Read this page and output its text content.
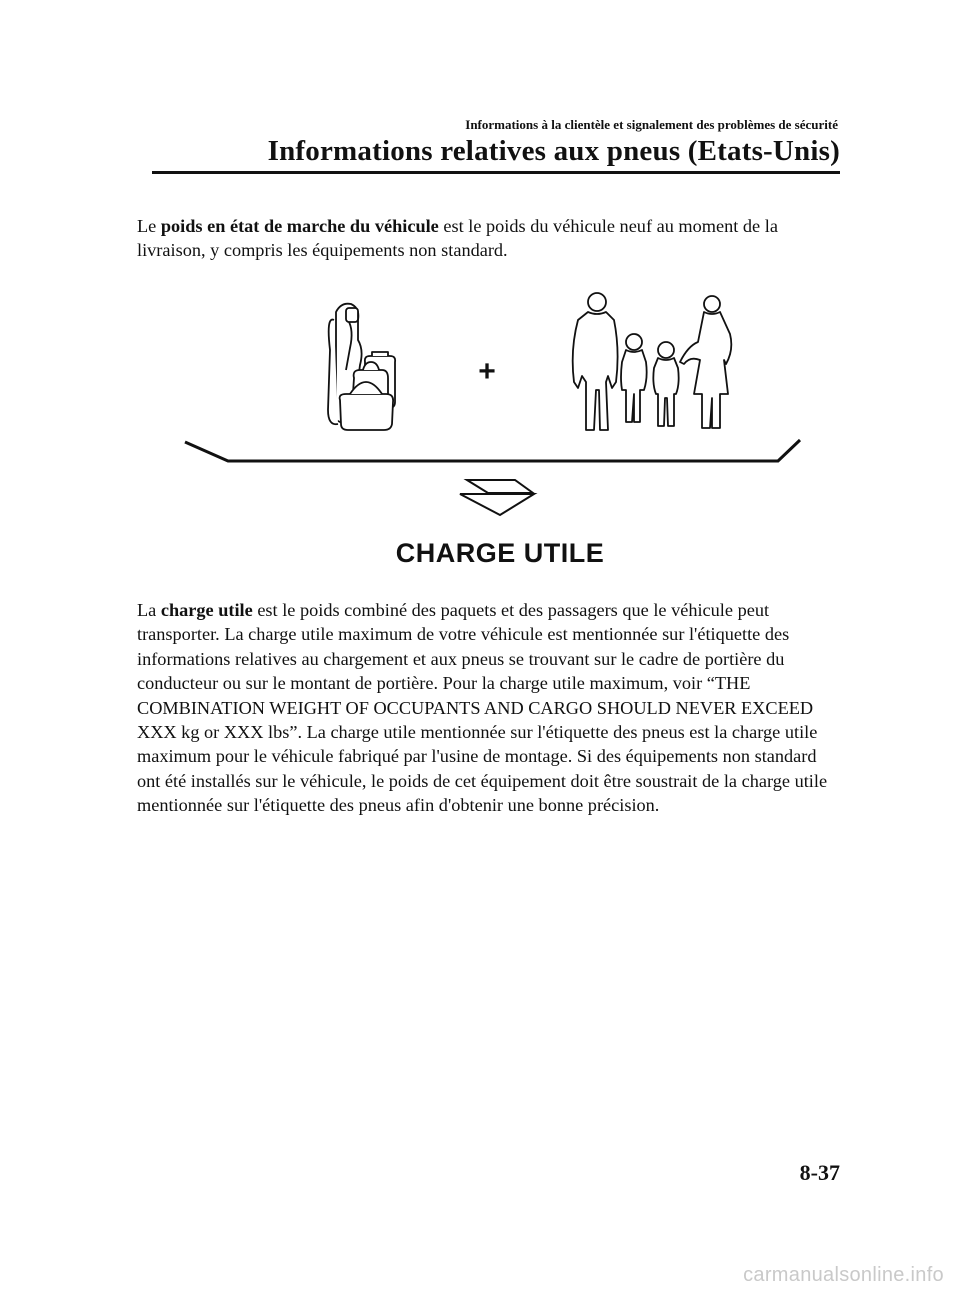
Informations à la clientèle et signalement des problèmes de sécurité
Informations relatives aux pneus (Etats-Unis)

Le poids en état de marche du véhicule est le poids du véhicule neuf au moment de la livraison, y compris les équipements non standard.

+
CHARGE UTILE

La charge utile est le poids combiné des paquets et des passagers que le véhicule peut transporter. La charge utile maximum de votre véhicule est mentionnée sur l'étiquette des informations relatives au chargement et aux pneus se trouvant sur le cadre de portière du conducteur ou sur le montant de portière. Pour la charge utile maximum, voir “THE COMBINATION WEIGHT OF OCCUPANTS AND CARGO SHOULD NEVER EXCEED XXX kg or XXX lbs”. La charge utile mentionnée sur l'étiquette des pneus est la charge utile maximum pour le véhicule fabriqué par l'usine de montage. Si des équipements non standard ont été installés sur le véhicule, le poids de cet équipement doit être soustrait de la charge utile mentionnée sur l'étiquette des pneus afin d'obtenir une bonne précision.

8-37
carmanualsonline.info
